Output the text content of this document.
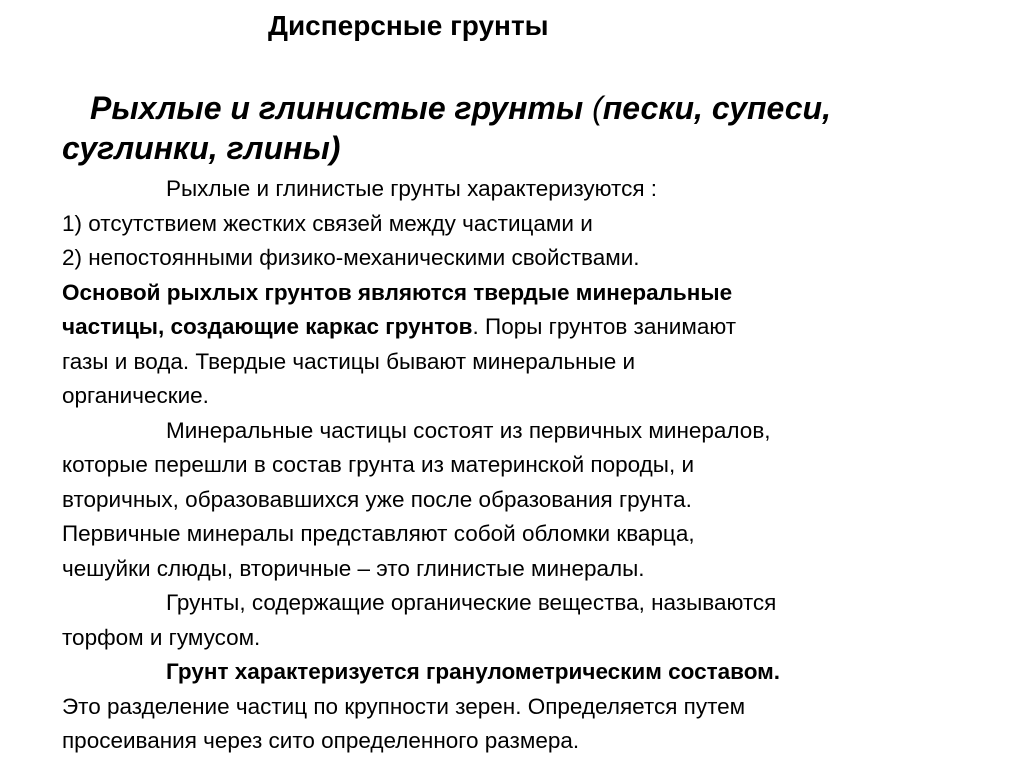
Дисперсные грунты
Рыхлые и глинистые грунты (пески, супеси,
суглинки, глины)
Рыхлые и глинистые грунты характеризуются :
1) отсутствием жестких связей между частицами и
2) непостоянными физико-механическими свойствами.
Основой рыхлых грунтов являются твердые минеральные
частицы, создающие каркас грунтов. Поры грунтов занимают
газы и вода. Твердые частицы бывают минеральные и
органические.
Минеральные частицы состоят из первичных минералов,
которые перешли в состав грунта из материнской породы, и
вторичных, образовавшихся уже после образования грунта.
Первичные минералы представляют собой обломки кварца,
чешуйки слюды, вторичные – это глинистые минералы.
Грунты, содержащие органические вещества, называются
торфом и гумусом.
Грунт характеризуется гранулометрическим составом.
Это разделение частиц по крупности зерен. Определяется путем
просеивания через сито определенного размера.
